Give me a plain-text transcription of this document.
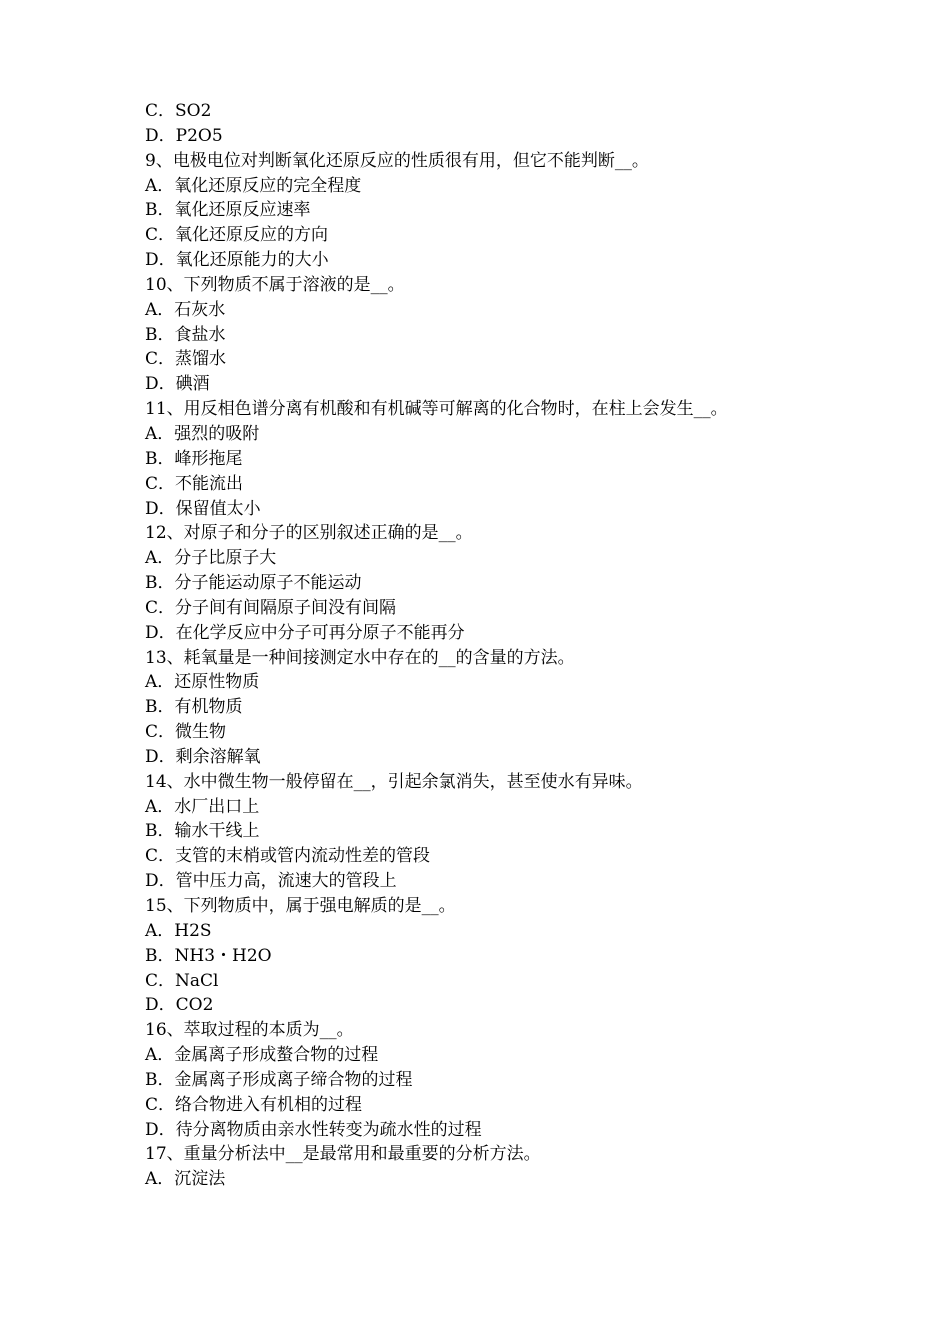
C．SO2
D．P2O5
9、电极电位对判断氧化还原反应的性质很有用，但它不能判断__。
A．氧化还原反应的完全程度
B．氧化还原反应速率
C．氧化还原反应的方向
D．氧化还原能力的大小
10、下列物质不属于溶液的是__。
A．石灰水
B．食盐水
C．蒸馏水
D．碘酒
11、用反相色谱分离有机酸和有机碱等可解离的化合物时，在柱上会发生__。
A．强烈的吸附
B．峰形拖尾
C．不能流出
D．保留值太小
12、对原子和分子的区别叙述正确的是__。
A．分子比原子大
B．分子能运动原子不能运动
C．分子间有间隔原子间没有间隔
D．在化学反应中分子可再分原子不能再分
13、耗氧量是一种间接测定水中存在的__的含量的方法。
A．还原性物质
B．有机物质
C．微生物
D．剩余溶解氧
14、水中微生物一般停留在__，引起余氯消失，甚至使水有异味。
A．水厂出口上
B．输水干线上
C．支管的末梢或管内流动性差的管段
D．管中压力高，流速大的管段上
15、下列物质中，属于强电解质的是__。
A．H2S
B．NH3・H2O
C．NaCl
D．CO2
16、萃取过程的本质为__。
A．金属离子形成螯合物的过程
B．金属离子形成离子缔合物的过程
C．络合物进入有机相的过程
D．待分离物质由亲水性转变为疏水性的过程
17、重量分析法中__是最常用和最重要的分析方法。
A．沉淀法
